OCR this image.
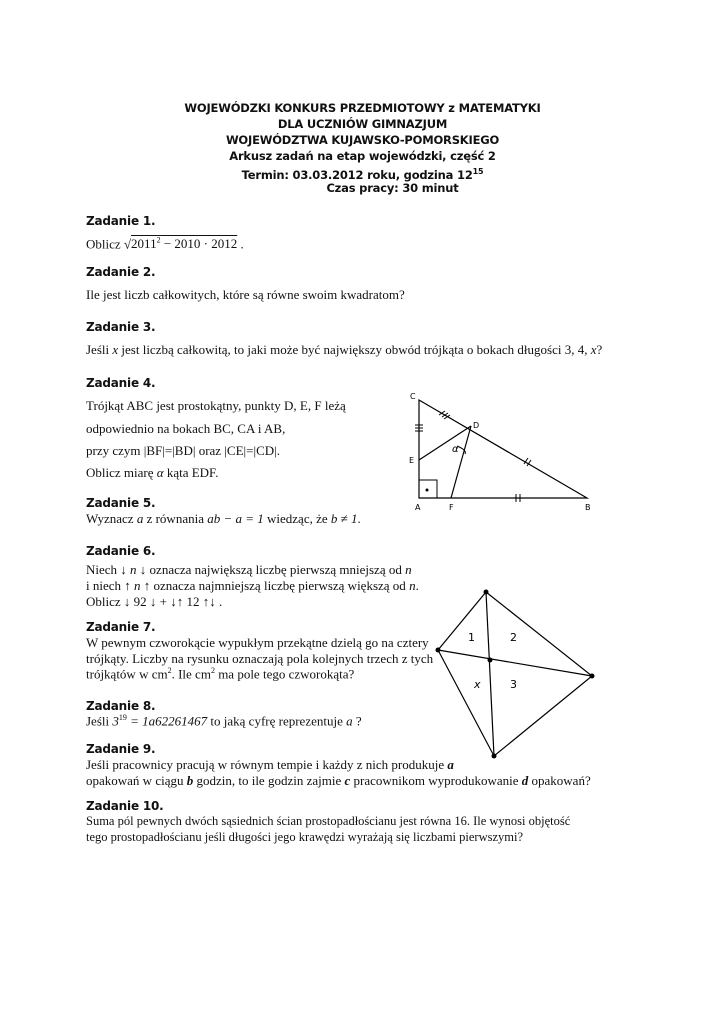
WOJEWÓDZKI KONKURS PRZEDMIOTOWY z MATEMATYKI
DLA UCZNIÓW GIMNAZJUM
WOJEWÓDZTWA KUJAWSKO-POMORSKIEGO
Arkusz zadań na etap wojewódzki, część 2
Termin: 03.03.2012 roku, godzina $12^{15}$
Czas pracy: 30 minut
Zadanie 1.
Oblicz $√2011^2 - 2010 \cdot 2012$ .
Zadanie 2.
Ile jest liczb całkowitych, które są równe swoim kwadratom?
Zadanie 3.
Jeśli x jest liczbą całkowitą, to jaki może być największy obwód trójkąta o bokach długości 3, 4, x?
Zadanie 4.
Trójkąt ABC jest prostokątny, punkty D, E, F leżą
odpowiednio na bokach BC, CA i AB,
przy czym |BF|=|BD| oraz |CE|=|CD|.
Oblicz miarę α kąta EDF.
C
D
E
A	F	B
α
Zadanie 5.
Wyznacz a z równania ab − a = 1 wiedząc, że b ≠ 1.
Zadanie 6.
Niech ↓ n ↓ oznacza największą liczbę pierwszą mniejszą od n
i niech ↑ n ↑ oznacza najmniejszą liczbę pierwszą większą od n.
Oblicz ↓ 92 ↓ + ↓↑ 12 ↑↓ .
Zadanie 7.
W pewnym czworokącie wypukłym przekątne dzielą go na cztery
trójkąty. Liczby na rysunku oznaczają pola kolejnych trzech z tych
trójkątów w $cm^2$. Ile $cm^2$ ma pole tego czworokąta?
1	2
3
x
Zadanie 8.
Jeśli $3^{19} = 1a62261467$ to jaką cyfrę reprezentuje a ?
Zadanie 9.
Jeśli pracownicy pracują w równym tempie i każdy z nich produkuje a
opakowań w ciągu b godzin, to ile godzin zajmie c pracownikom wyprodukowanie d opakowań?
Zadanie 10.
Suma pól pewnych dwóch sąsiednich ścian prostopadłościanu jest równa 16. Ile wynosi objętość
tego prostopadłościanu jeśli długości jego krawędzi wyrażają się liczbami pierwszymi?
